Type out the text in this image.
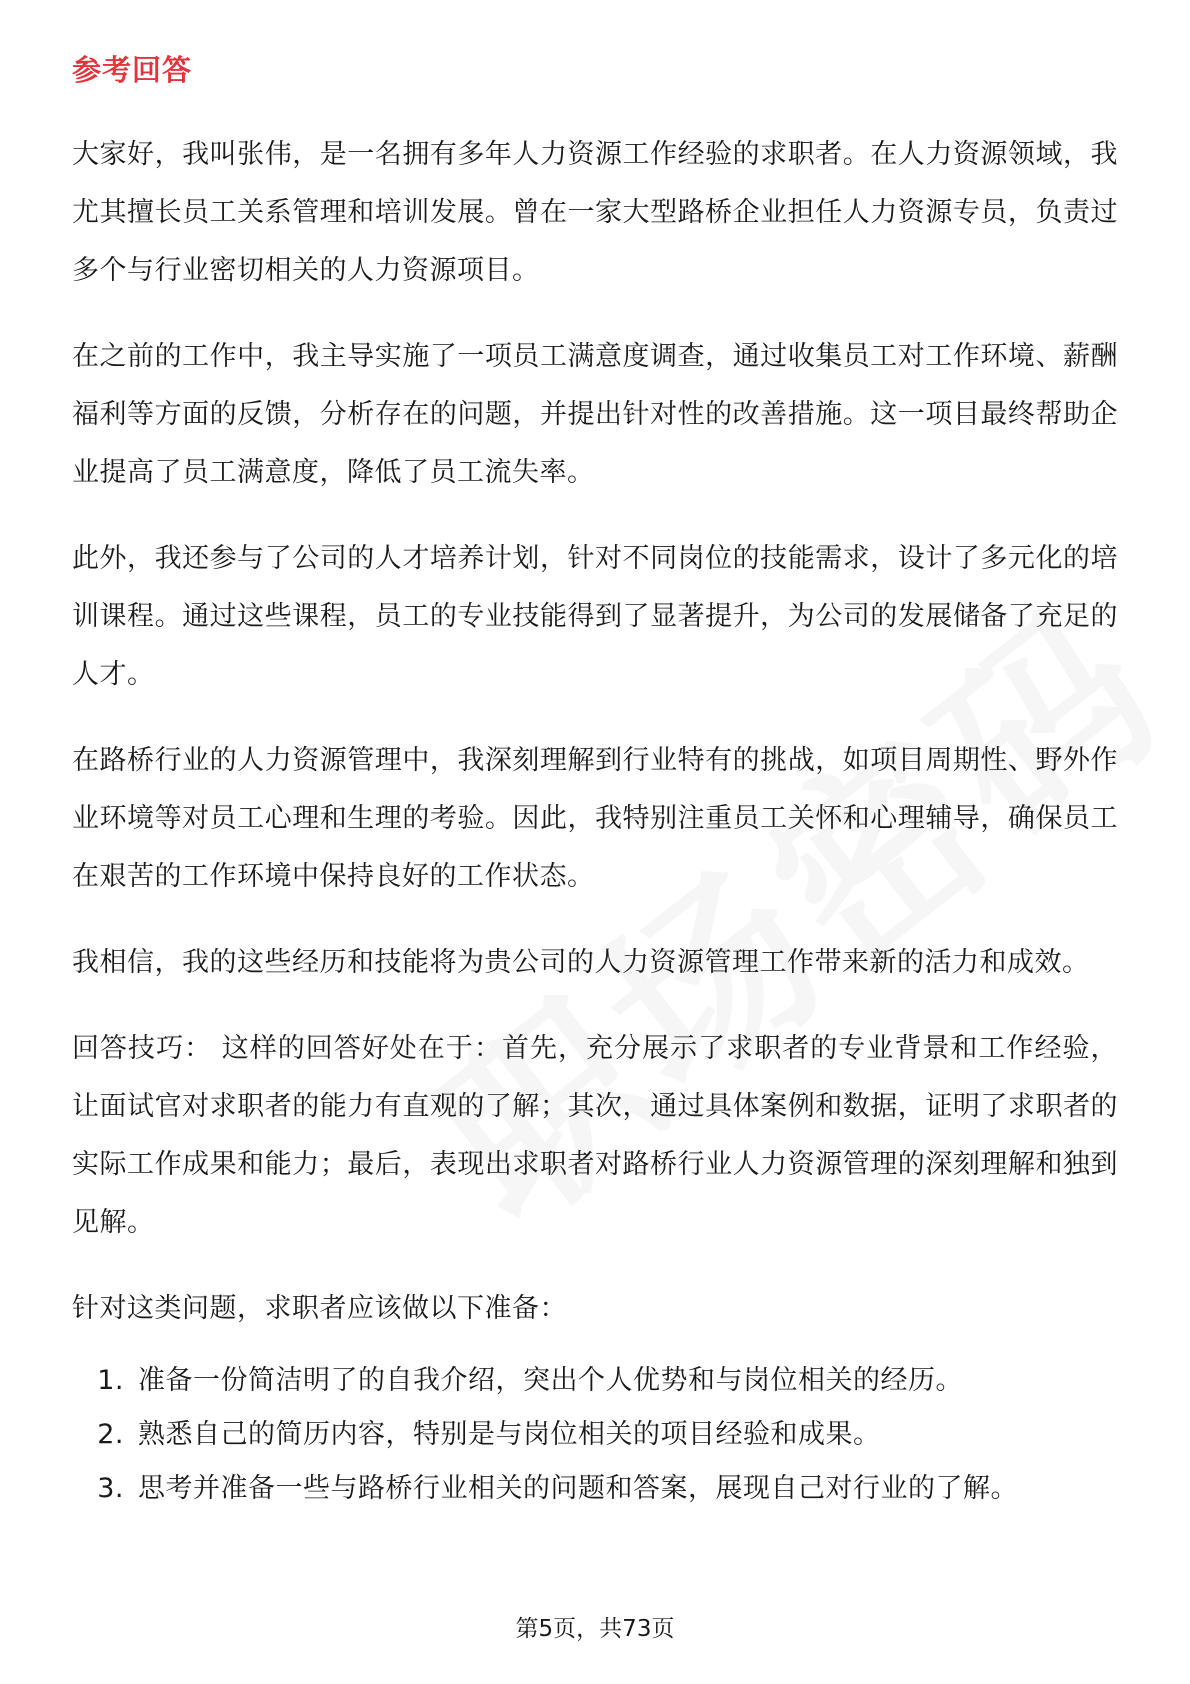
参考回答

大家好，我叫张伟，是一名拥有多年人力资源工作经验的求职者。在人力资源领域，我尤其擅长员工关系管理和培训发展。曾在一家大型路桥企业担任人力资源专员，负责过多个与行业密切相关的人力资源项目。

在之前的工作中，我主导实施了一项员工满意度调查，通过收集员工对工作环境、薪酬福利等方面的反馈，分析存在的问题，并提出针对性的改善措施。这一项目最终帮助企业提高了员工满意度，降低了员工流失率。

此外，我还参与了公司的人才培养计划，针对不同岗位的技能需求，设计了多元化的培训课程。通过这些课程，员工的专业技能得到了显著提升，为公司的发展储备了充足的人才。

在路桥行业的人力资源管理中，我深刻理解到行业特有的挑战，如项目周期性、野外作业环境等对员工心理和生理的考验。因此，我特别注重员工关怀和心理辅导，确保员工在艰苦的工作环境中保持良好的工作状态。

我相信，我的这些经历和技能将为贵公司的人力资源管理工作带来新的活力和成效。

回答技巧： 这样的回答好处在于：首先，充分展示了求职者的专业背景和工作经验，让面试官对求职者的能力有直观的了解；其次，通过具体案例和数据，证明了求职者的实际工作成果和能力；最后，表现出求职者对路桥行业人力资源管理的深刻理解和独到见解。

针对这类问题，求职者应该做以下准备：

1. 准备一份简洁明了的自我介绍，突出个人优势和与岗位相关的经历。
2. 熟悉自己的简历内容，特别是与岗位相关的项目经验和成果。
3. 思考并准备一些与路桥行业相关的问题和答案，展现自己对行业的了解。
第5页，共73页
